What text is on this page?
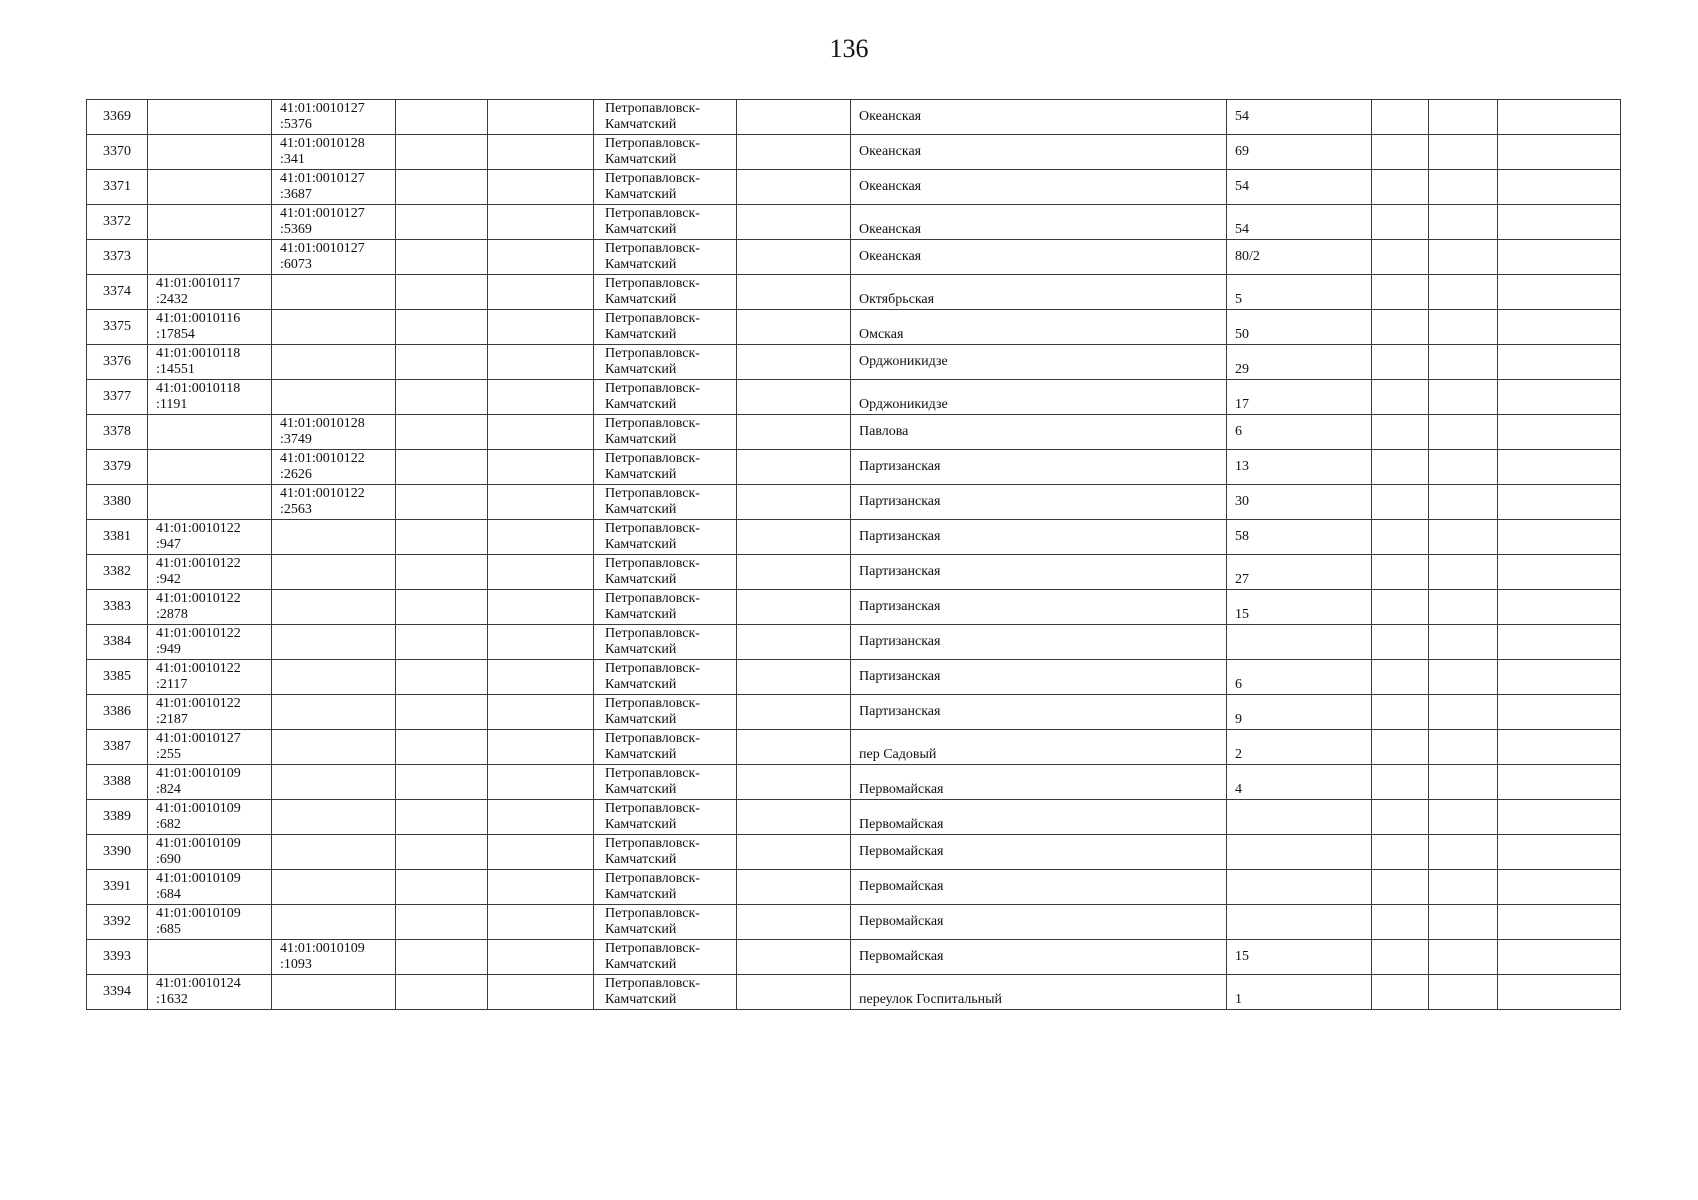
136
3369		41:01:0010127
:5376			Петропавловск-
Камчатский		Океанская	54			
3370		41:01:0010128
:341			Петропавловск-
Камчатский		Океанская	69			
3371		41:01:0010127
:3687			Петропавловск-
Камчатский		Океанская	54			
3372		41:01:0010127
:5369			Петропавловск-
Камчатский		Океанская	54			
3373		41:01:0010127
:6073			Петропавловск-
Камчатский		Океанская	80/2			
3374	41:01:0010117
:2432				Петропавловск-
Камчатский		Октябрьская	5			
3375	41:01:0010116
:17854				Петропавловск-
Камчатский		Омская	50			
3376	41:01:0010118
:14551				Петропавловск-
Камчатский		Орджоникидзе	29			
3377	41:01:0010118
:1191				Петропавловск-
Камчатский		Орджоникидзе	17			
3378		41:01:0010128
:3749			Петропавловск-
Камчатский		Павлова	6			
3379		41:01:0010122
:2626			Петропавловск-
Камчатский		Партизанская	13			
3380		41:01:0010122
:2563			Петропавловск-
Камчатский		Партизанская	30			
3381	41:01:0010122
:947				Петропавловск-
Камчатский		Партизанская	58			
3382	41:01:0010122
:942				Петропавловск-
Камчатский		Партизанская	27			
3383	41:01:0010122
:2878				Петропавловск-
Камчатский		Партизанская	15			
3384	41:01:0010122
:949				Петропавловск-
Камчатский		Партизанская				
3385	41:01:0010122
:2117				Петропавловск-
Камчатский		Партизанская	6			
3386	41:01:0010122
:2187				Петропавловск-
Камчатский		Партизанская	9			
3387	41:01:0010127
:255				Петропавловск-
Камчатский		пер Садовый	2			
3388	41:01:0010109
:824				Петропавловск-
Камчатский		Первомайская	4			
3389	41:01:0010109
:682				Петропавловск-
Камчатский		Первомайская				
3390	41:01:0010109
:690				Петропавловск-
Камчатский		Первомайская				
3391	41:01:0010109
:684				Петропавловск-
Камчатский		Первомайская				
3392	41:01:0010109
:685				Петропавловск-
Камчатский		Первомайская				
3393		41:01:0010109
:1093			Петропавловск-
Камчатский		Первомайская	15			
3394	41:01:0010124
:1632				Петропавловск-
Камчатский		переулок Госпитальный	1			
